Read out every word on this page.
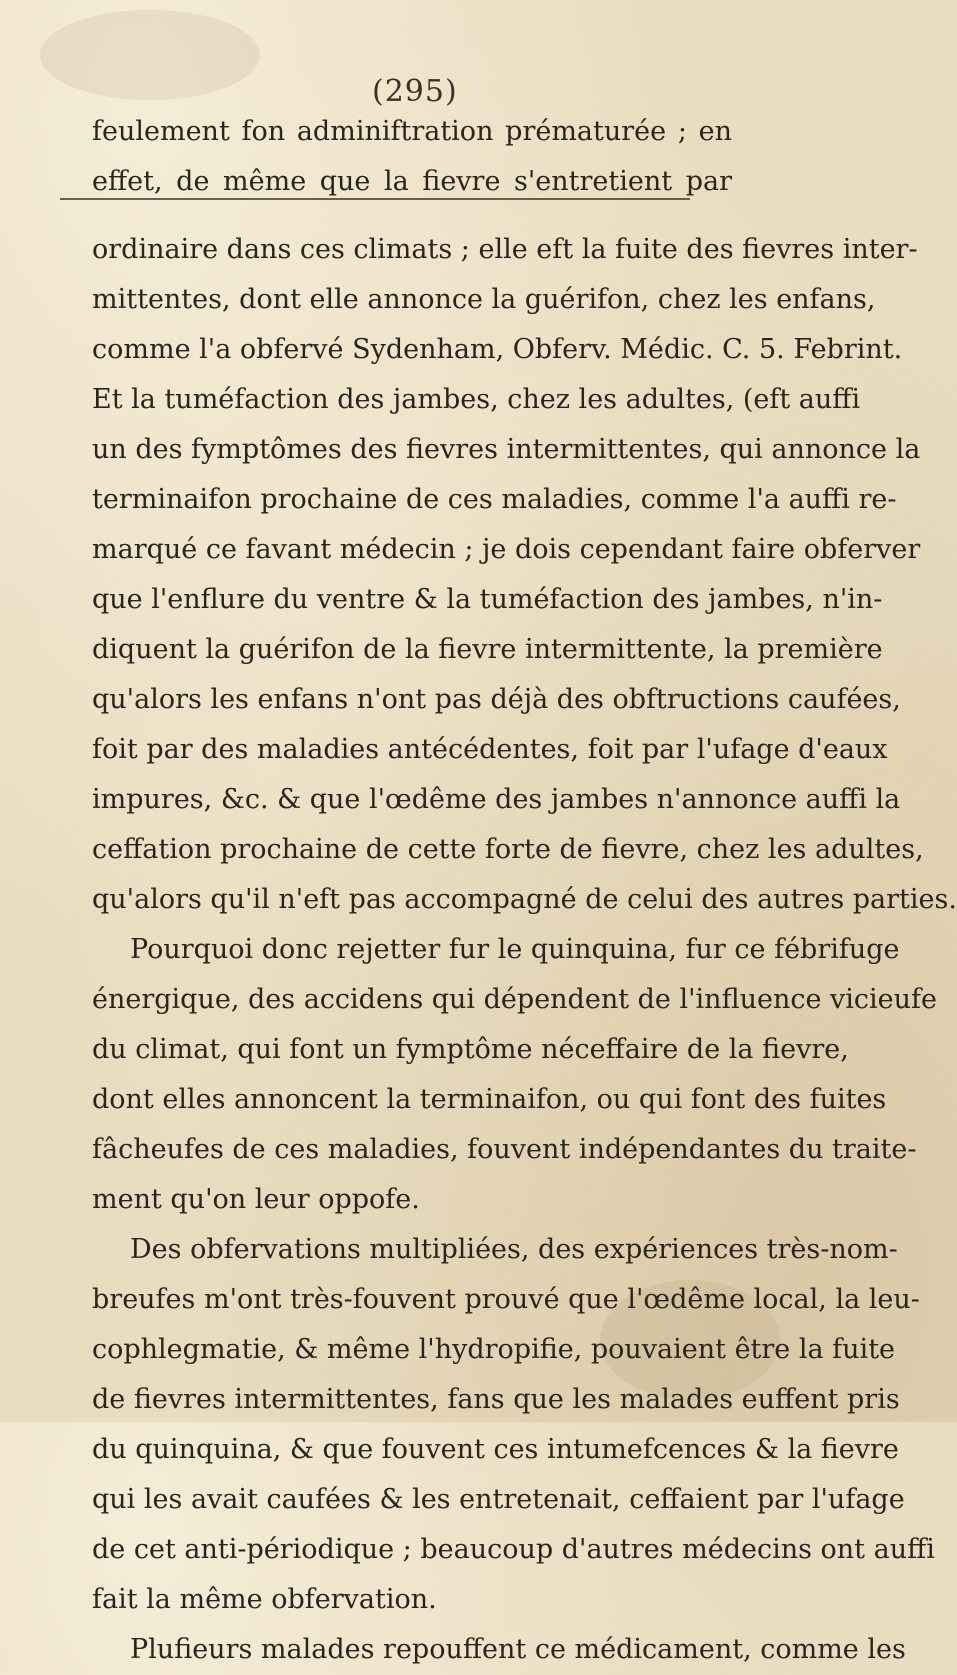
(295)
feulement fon adminiftration prématurée ; en
effet, de même que la fievre s'entretient par
ordinaire dans ces climats ; elle eft la fuite des fievres inter-
mittentes, dont elle annonce la guérifon, chez les enfans,
comme l'a obfervé Sydenham, Obferv. Médic. C. 5. Febrint.
Et la tuméfaction des jambes, chez les adultes, (eft auffi
un des fymptômes des fievres intermittentes, qui annonce la
terminaifon prochaine de ces maladies, comme l'a auffi re-
marqué ce favant médecin ; je dois cependant faire obferver
que l'enflure du ventre & la tuméfaction des jambes, n'in-
diquent la guérifon de la fievre intermittente, la première
qu'alors les enfans n'ont pas déjà des obftructions caufées,
foit par des maladies antécédentes, foit par l'ufage d'eaux
impures, &c. & que l'œdême des jambes n'annonce auffi la
ceffation prochaine de cette forte de fievre, chez les adultes,
qu'alors qu'il n'eft pas accompagné de celui des autres parties.
Pourquoi donc rejetter fur le quinquina, fur ce fébrifuge
énergique, des accidens qui dépendent de l'influence vicieufe
du climat, qui font un fymptôme néceffaire de la fievre,
dont elles annoncent la terminaifon, ou qui font des fuites
fâcheufes de ces maladies, fouvent indépendantes du traite-
ment qu'on leur oppofe.
Des obfervations multipliées, des expériences très-nom-
breufes m'ont très-fouvent prouvé que l'œdême local, la leu-
cophlegmatie, & même l'hydropifie, pouvaient être la fuite
de fievres intermittentes, fans que les malades euffent pris
du quinquina, & que fouvent ces intumefcences & la fievre
qui les avait caufées & les entretenait, ceffaient par l'ufage
de cet anti-périodique ; beaucoup d'autres médecins ont auffi
fait la même obfervation.
Plufieurs malades repouffent ce médicament, comme les
